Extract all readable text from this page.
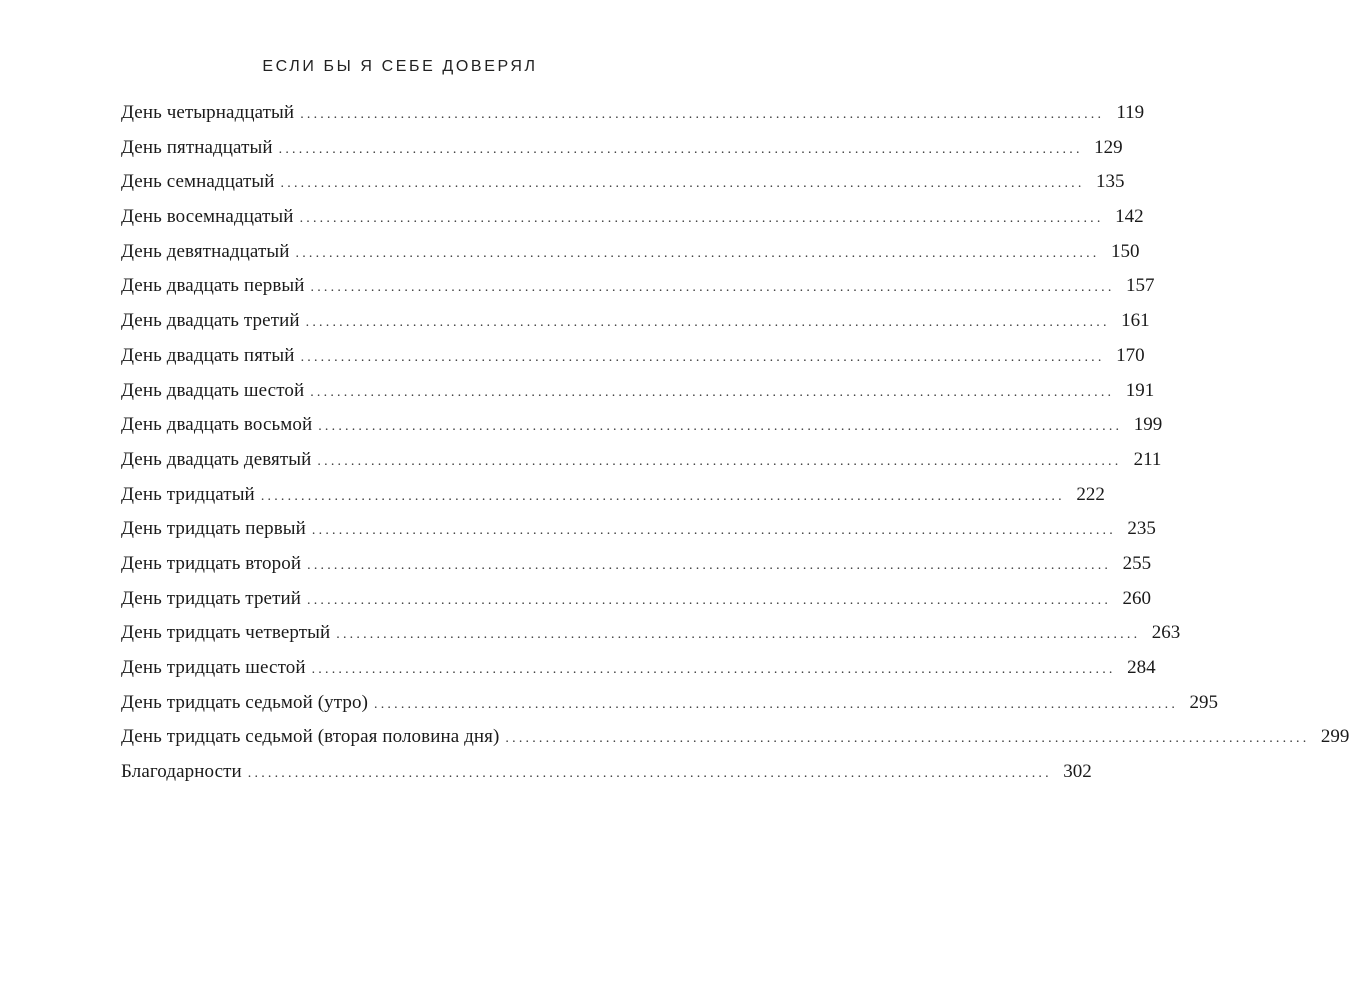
ЕСЛИ БЫ Я СЕБЕ ДОВЕРЯЛ
День четырнадцатый ........................................................................................................................ 119
День пятнадцатый ........................................................................................................................ 129
День семнадцатый ........................................................................................................................ 135
День восемнадцатый ........................................................................................................................ 142
День девятнадцатый ........................................................................................................................ 150
День двадцать первый ........................................................................................................................ 157
День двадцать третий ........................................................................................................................ 161
День двадцать пятый ........................................................................................................................ 170
День двадцать шестой ........................................................................................................................ 191
День двадцать восьмой ........................................................................................................................ 199
День двадцать девятый ........................................................................................................................ 211
День тридцатый ........................................................................................................................ 222
День тридцать первый ........................................................................................................................ 235
День тридцать второй ........................................................................................................................ 255
День тридцать третий ........................................................................................................................ 260
День тридцать четвертый ........................................................................................................................ 263
День тридцать шестой ........................................................................................................................ 284
День тридцать седьмой (утро) ........................................................................................................................ 295
День тридцать седьмой (вторая половина дня) ........................................................................................................................ 299
Благодарности ........................................................................................................................ 302
